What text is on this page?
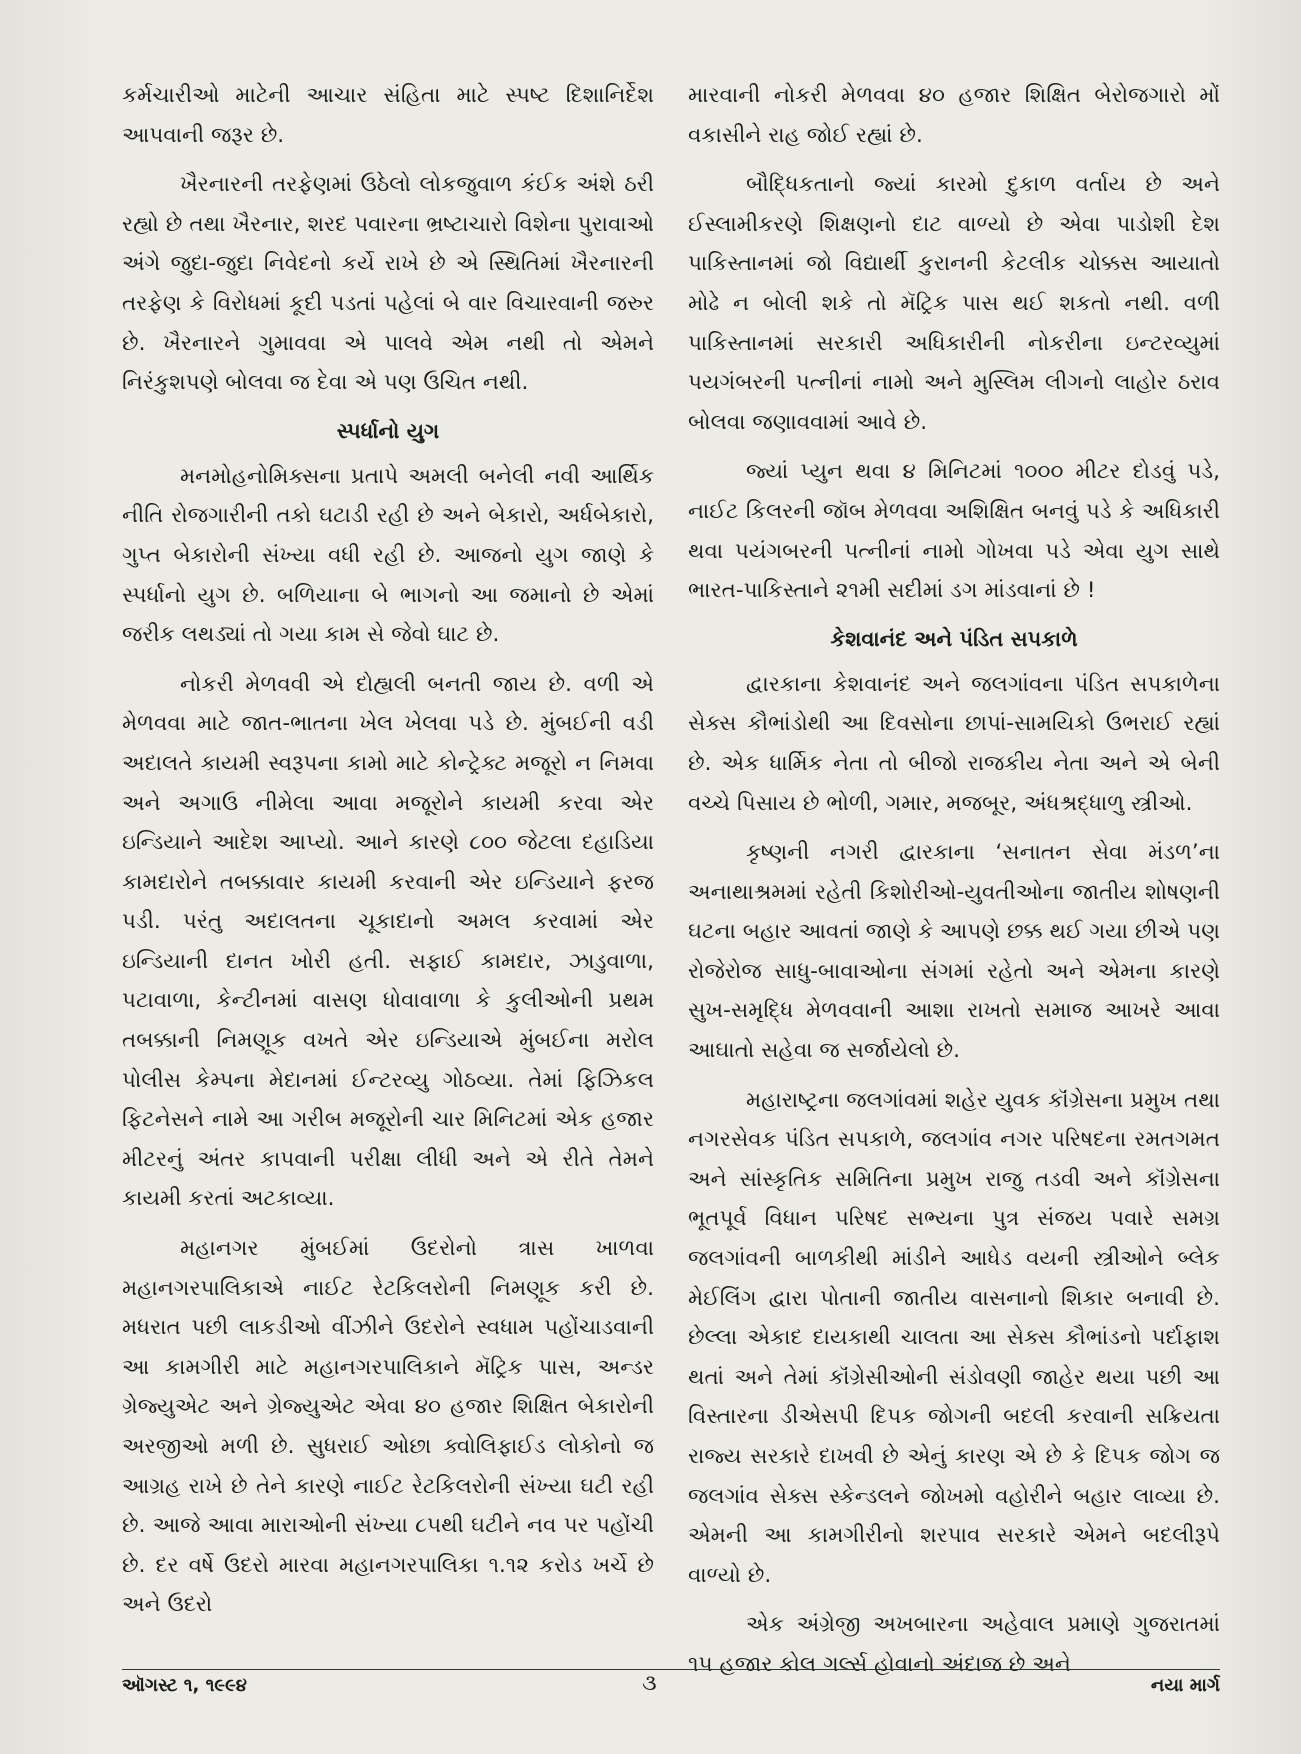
કર્મચારીઓ માટેની આચાર સંહિતા માટે સ્પષ્ટ દિશાનિર્દેશ આપવાની જરૂર છે.

ખૈરનારની તરફેણમાં ઉઠેલો લોકજુવાળ કંઈક અંશે ઠરી રહ્યો છે તથા ખૈરનાર, શરદ પવારના ભ્રષ્ટાચારો વિશેના પુરાવાઓ અંગે જુદા-જુદા નિવેદનો કર્યે રાખે છે એ સ્થિતિમાં ખૈરનારની તરફેણ કે વિરોધમાં કૂદી પડતાં પહેલાં બે વાર વિચારવાની જરુર છે. ખૈરનારને ગુમાવવા એ પાલવે એમ નથી તો એમને નિરંકુશપણે બોલવા જ દેવા એ પણ ઉચિત નથી.

સ્પર્ધાનો યુગ

મનમોહનોમિક્સના પ્રતાપે અમલી બનેલી નવી આર્થિક નીતિ રોજગારીની તકો ઘટાડી રહી છે અને બેકારો, અર્ધબેકારો, ગુપ્ત બેકારોની સંખ્યા વધી રહી છે. આજનો યુગ જાણે કે સ્પર્ધાનો યુગ છે. બળિયાના બે ભાગનો આ જમાનો છે એમાં જરીક લથડ્યાં તો ગયા કામ સે જેવો ઘાટ છે.

નોકરી મેળવવી એ દોહ્યલી બનતી જાય છે. વળી એ મેળવવા માટે જાત-ભાતના ખેલ ખેલવા પડે છે. મુંબઈની વડી અદાલતે કાયમી સ્વરૂપના કામો માટે કોન્ટ્રેક્ટ મજૂરો ન નિમવા અને અગાઉ નીમેલા આવા મજૂરોને કાયમી કરવા એર ઇન્ડિયાને આદેશ આપ્યો. આને કારણે ૮૦૦ જેટલા દહાડિયા કામદારોને તબક્કાવાર કાયમી કરવાની એર ઇન્ડિયાને ફરજ પડી. પરંતુ અદાલતના ચૂકાદાનો અમલ કરવામાં એર ઇન્ડિયાની દાનત ખોરી હતી. સફાઈ કામદાર, ઝાડુવાળા, પટાવાળા, કેન્ટીનમાં વાસણ ધોવાવાળા કે કુલીઓની પ્રથમ તબક્કાની નિમણૂક વખતે એર ઇન્ડિયાએ મુંબઈના મરોલ પોલીસ કેમ્પના મેદાનમાં ઈન્ટરવ્યુ ગોઠવ્યા. તેમાં ફિઝિકલ ફિટનેસને નામે આ ગરીબ મજૂરોની ચાર મિનિટમાં એક હજાર મીટરનું અંતર કાપવાની પરીક્ષા લીધી અને એ રીતે તેમને કાયમી કરતાં અટકાવ્યા.

મહાનગર મુંબઈમાં ઉદરોનો ત્રાસ ખાળવા મહાનગરપાલિકાએ નાઈટ રેટકિલરોની નિમણૂક કરી છે. મધરાત પછી લાકડીઓ વીંઝીને ઉદરોને સ્વધામ પહોંચાડવાની આ કામગીરી માટે મહાનગરપાલિકાને મૅટ્રિક પાસ, અન્ડર ગ્રેજ્યુએટ અને ગ્રેજ્યુએટ એવા ૪૦ હજાર શિક્ષિત બેકારોની અરજીઓ મળી છે. સુધરાઈ ઓછા ક્વોલિફાઈડ લોકોનો જ આગ્રહ રાખે છે તેને કારણે નાઈટ રેટકિલરોની સંખ્યા ઘટી રહી છે. આજે આવા મારાઓની સંખ્યા ૮૫થી ઘટીને નવ પર પહોંચી છે. દર વર્ષે ઉદરો મારવા મહાનગરપાલિકા ૧.૧૨ કરોડ ખર્ચે છે અને ઉદરો

મારવાની નોકરી મેળવવા ૪૦ હજાર શિક્ષિત બેરોજગારો મોં વકાસીને રાહ જોઈ રહ્યાં છે.

બૌદ્ધિકતાનો જ્યાં કારમો દુકાળ વર્તાય છે અને ઈસ્લામીકરણે શિક્ષણનો દાટ વાળ્યો છે એવા પાડોશી દેશ પાકિસ્તાનમાં જો વિદ્યાર્થી કુરાનની કેટલીક ચોક્કસ આયાતો મોઢે ન બોલી શકે તો મૅટ્રિક પાસ થઈ શકતો નથી. વળી પાકિસ્તાનમાં સરકારી અધિકારીની નોકરીના ઇન્ટરવ્યુમાં પયગંબરની પત્નીનાં નામો અને મુસ્લિમ લીગનો લાહોર ઠરાવ બોલવા જણાવવામાં આવે છે.

જ્યાં પ્યુન થવા ૪ મિનિટમાં ૧૦૦૦ મીટર દોડવું પડે, નાઈટ કિલરની જૉબ મેળવવા અશિક્ષિત બનવું પડે કે અધિકારી થવા પયંગબરની પત્નીનાં નામો ગોખવા પડે એવા યુગ સાથે ભારત-પાકિસ્તાને ૨૧મી સદીમાં ડગ માંડવાનાં છે !

કેશવાનંદ અને પંડિત સપકાળે

દ્વારકાના કેશવાનંદ અને જલગાંવના પંડિત સપકાળેના સેક્સ કૌભાંડોથી આ દિવસોના છાપાં-સામયિકો ઉભરાઈ રહ્યાં છે. એક ધાર્મિક નેતા તો બીજો રાજકીય નેતા અને એ બેની વચ્ચે પિસાય છે ભોળી, ગમાર, મજબૂર, અંધશ્રદ્ધાળુ સ્ત્રીઓ.

કૃષ્ણની નગરી દ્વારકાના ‘સનાતન સેવા મંડળ’ના અનાથાશ્રમમાં રહેતી કિશોરીઓ-યુવતીઓના જાતીય શોષણની ઘટના બહાર આવતાં જાણે કે આપણે છક્ક થઈ ગયા છીએ પણ રોજેરોજ સાધુ-બાવાઓના સંગમાં રહેતો અને એમના કારણે સુખ-સમૃદ્ધિ મેળવવાની આશા રાખતો સમાજ આખરે આવા આઘાતો સહેવા જ સર્જાયેલો છે.

મહારાષ્ટ્રના જલગાંવમાં શહેર યુવક કૉંગ્રેસના પ્રમુખ તથા નગરસેવક પંડિત સપકાળે, જલગાંવ નગર પરિષદના રમતગમત અને સાંસ્કૃતિક સમિતિના પ્રમુખ રાજુ તડવી અને કૉંગ્રેસના ભૂતપૂર્વ વિધાન પરિષદ સભ્યના પુત્ર સંજય પવારે સમગ્ર જલગાંવની બાળકીથી માંડીને આધેડ વયની સ્ત્રીઓને બ્લેક મેઈલિંગ દ્વારા પોતાની જાતીય વાસનાનો શિકાર બનાવી છે. છેલ્લા એકાદ દાયકાથી ચાલતા આ સેક્સ કૌભાંડનો પર્દાફાશ થતાં અને તેમાં કૉંગ્રેસીઓની સંડોવણી જાહેર થયા પછી આ વિસ્તારના ડીએસપી દિપક જોગની બદલી કરવાની સક્રિયતા રાજ્ય સરકારે દાખવી છે એનું કારણ એ છે કે દિપક જોગ જ જલગાંવ સેક્સ સ્કેન્ડલને જોખમો વહોરીને બહાર લાવ્યા છે. એમની આ કામગીરીનો શરપાવ સરકારે એમને બદલીરૂપે વાળ્યો છે.

એક અંગ્રેજી અખબારના અહેવાલ પ્રમાણે ગુજરાતમાં ૧૫ હજાર કોલ ગર્લ્સ હોવાનો અંદાજ છે અને

ઑગસ્ટ ૧, ૧૯૯૪	૩	નયા માર્ગ
